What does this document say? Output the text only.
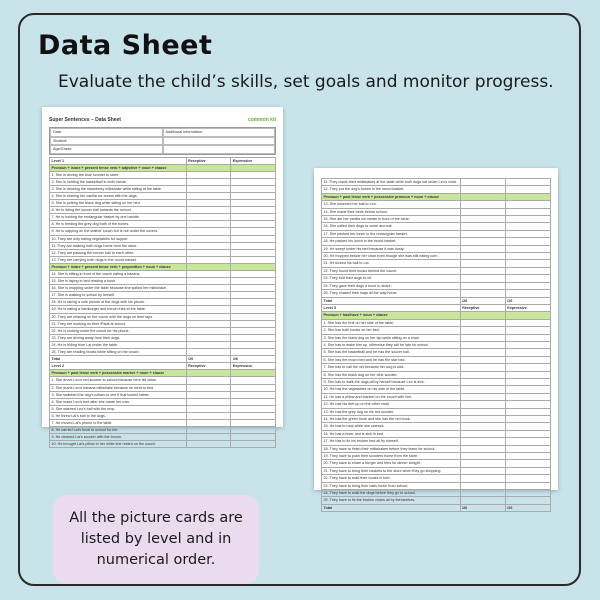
Data Sheet
Evaluate the child’s skills, set goals and monitor progress.
Super Sentences – Data Sheet	common kit
Date:	Additional information:
Student:
Age/Grade:
Level 1	Receptive	Expressive
Pronoun + is/are + present tense verb + adjective + noun + clause		
1. She is driving the blue scooter to store.		
2. She is holding the basketball in both hands.		
3. She is drinking the strawberry milkshake while sitting at the table.		
4. She is sharing her vanilla ice cream with the dogs.		
5. She is putting the black dog while sitting on her bed.		
6. He is riding the soccer ball towards the school.		
7. He is holding the rectangular basket by one handle.		
8. He is feeding the grey dog both of the bones.		
9. He is napping on the leather couch but is not under the covers.		
10. They are only eating vegetables for supper.		
11. They are walking both dogs home from the store.		
12. They are passing the soccer ball to each other.		
13. They are carrying both dogs in the round basket.		
Pronoun + is/are + present tense verb + preposition + noun + clause		
14. She is sitting in front of the couch eating a banana.		
15. She is laying in bed reading a book.		
16. She is mopping under the table because she spilled her milkshake.		
17. She is walking to school by herself.		
18. He is taking a cute picture of the dogs with his phone.		
19. He is eating a hamburger and french fries at the table.		
20. They are relaxing on the couch with the dogs on their laps.		
21. They are working on their iPads at school.		
22. He is looking under the couch for his phone.		
23. They are driving away from their dogs.		
24. He is hiding from Lai under the table.		
25. They are reading books while sitting on the couch.		
Total	/26	/26
Level 2	Receptive	Expressive
Pronoun + past tense verb + possessive marker + noun + clause		
1. She drove Leo's red scooter to school because hers fell down.		
2. She drank Leo's banana milkshake because he went to bed.		
3. She switched the dog's collars to one if that looked better.		
4. She made Leo's bed after she made her own.		
5. She washed Leo's ball with the mop.		
6. He threw Lai's ball to the dogs.		
7. He moved Lai's phone to the table.		
8. He carried Lai's book to school for her.		
9. He cleaned Lai's scooter with the broom.		
10. He brought Lai's pillow to her while she rested on the couch.		
11. They drank their milkshakes at the table while both dogs sat under Leo's chair.		
12. They put the dog's bones in the round basket.		
Pronoun + past tense verb + possessive pronoun + noun + clause		
13. She bounced her ball to Leo.		
14. She made their beds before school.		
15. She ate her vanilla ice cream in front of the store.		
16. She called their dogs to come and eat.		
17. She packed her lunch in the rectangular basket.		
18. He packed his lunch in the round basket.		
19. He swept under his bed because it was dusty.		
20. He mopped beside her chair even though she was still eating corn.		
21. He kicked his ball to Lai.		
22. They found their books behind the couch.		
23. They told their dogs to sit.		
24. They gave their dogs a bone to share.		
25. They chased their dogs all the way home.		
Total	/26	/26
Level 3	Receptive	Expressive
Pronoun + has/have + noun + clause		
1. She has the fruit on her side of the table.		
2. She has both books on her bed.		
3. She has the black dog on her lap while sitting on a chair.		
4. She has to wake him up, otherwise they will be late for school.		
5. She has the basketball and he has the soccer ball.		
6. She has the moon bed and he has the star bed.		
7. She has to call the vet because her dog is sick.		
8. She has the black dog on her blue scooter.		
9. She has to walk the dogs all by herself because Leo is sick.		
10. He has the vegetables on his side of the table.		
11. He has a pillow and blanket on the couch with him.		
12. He has his feet up on the other chair.		
13. He has the grey dog on his red scooter.		
14. He has the green book and she has the red book.		
15. He has to mop while she sweeps.		
16. He has a fever and is sick in bed.		
17. He has to fix his broken bed all by himself.		
18. They have to finish their milkshakes before they leave for school.		
19. They have to push their scooters home from the store.		
20. They have to share a burger and fries for dinner tonight.		
21. They have to bring their baskets to the store when they go shopping.		
22. They have to read their books in bed.		
23. They have to bring their balls home from school.		
24. They have to walk the dogs before they go to school.		
25. They have to fix the broken chairs all by themselves.		
Total	/26	/26
All the picture cards are listed by level and in numerical order.
